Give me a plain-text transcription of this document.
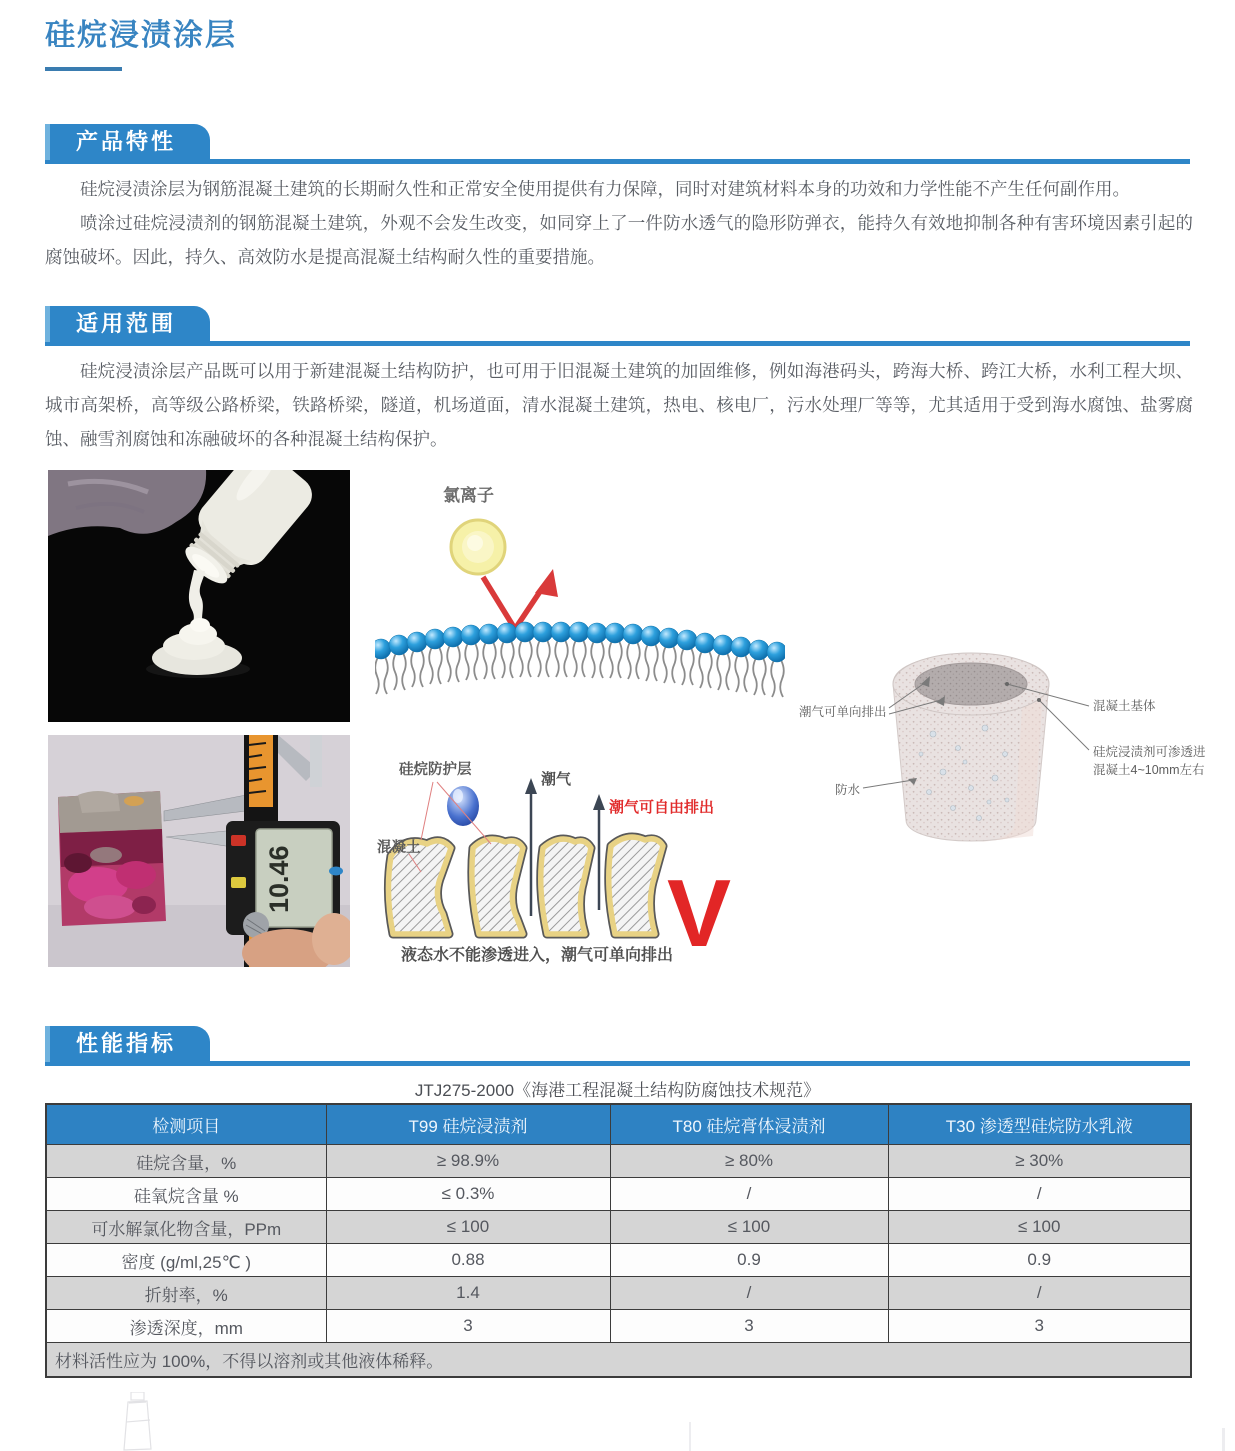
硅烷浸渍涂层
产品特性

硅烷浸渍涂层为钢筋混凝土建筑的长期耐久性和正常安全使用提供有力保障，同时对建筑材料本身的功效和力学性能不产生任何副作用。

喷涂过硅烷浸渍剂的钢筋混凝土建筑，外观不会发生改变，如同穿上了一件防水透气的隐形防弹衣，能持久有效地抑制各种有害环境因素引起的腐蚀破坏。因此，持久、高效防水是提高混凝土结构耐久性的重要措施。

适用范围

硅烷浸渍涂层产品既可以用于新建混凝土结构防护，也可用于旧混凝土建筑的加固维修，例如海港码头，跨海大桥、跨江大桥，水利工程大坝、城市高架桥，高等级公路桥梁，铁路桥梁，隧道，机场道面，清水混凝土建筑，热电、核电厂，污水处理厂等等，尤其适用于受到海水腐蚀、盐雾腐蚀、融雪剂腐蚀和冻融破坏的各种混凝土结构保护。

氯离子
潮气可单向排出	混凝土基体
硅烷浸渍剂可渗透进
混凝土4~10mm左右
防水
10.46
硅烷防护层
混凝土
潮气
潮气可自由排出
液态水不能渗透进入，潮气可单向排出
V
性能指标
JTJ275-2000《海港工程混凝土结构防腐蚀技术规范》
检测项目	T99 硅烷浸渍剂	T80 硅烷膏体浸渍剂	T30 渗透型硅烷防水乳液
硅烷含量，%	≥ 98.9%	≥ 80%	≥ 30%
硅氧烷含量 %	≤ 0.3%	/	/
可水解氯化物含量，PPm	≤ 100	≤ 100	≤ 100
密度 (g/ml,25℃ )	0.88	0.9	0.9
折射率，%	1.4	/	/
渗透深度，mm	3	3	3
材料活性应为 100%，不得以溶剂或其他液体稀释。			
